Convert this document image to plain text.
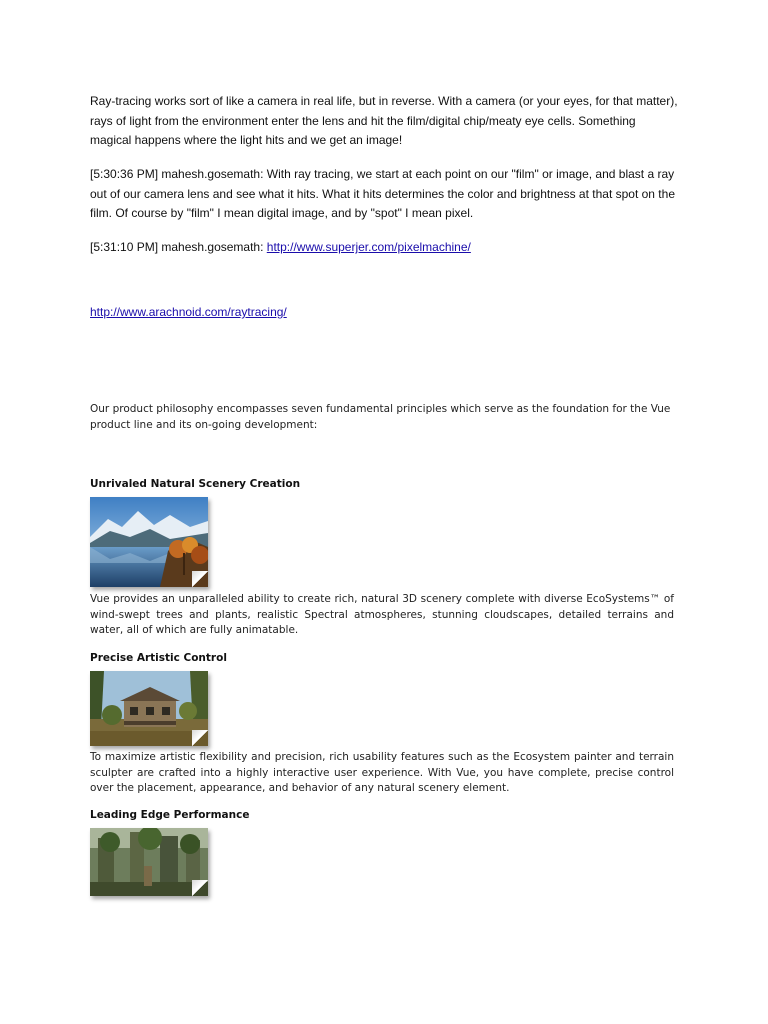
Ray-tracing works sort of like a camera in real life, but in reverse. With a camera (or your eyes, for that matter), rays of light from the environment enter the lens and hit the film/digital chip/meaty eye cells. Something magical happens where the light hits and we get an image!
[5:30:36 PM] mahesh.gosemath: With ray tracing, we start at each point on our "film" or image, and blast a ray out of our camera lens and see what it hits. What it hits determines the color and brightness at that spot on the film. Of course by "film" I mean digital image, and by "spot" I mean pixel.
[5:31:10 PM] mahesh.gosemath: http://www.superjer.com/pixelmachine/
http://www.arachnoid.com/raytracing/
Our product philosophy encompasses seven fundamental principles which serve as the foundation for the Vue product line and its on-going development:
Unrivaled Natural Scenery Creation
Vue provides an unparalleled ability to create rich, natural 3D scenery complete with diverse EcoSystems™ of wind-swept trees and plants, realistic Spectral atmospheres, stunning cloudscapes, detailed terrains and water, all of which are fully animatable.
Precise Artistic Control
To maximize artistic flexibility and precision, rich usability features such as the Ecosystem painter and terrain sculpter are crafted into a highly interactive user experience. With Vue, you have complete, precise control over the placement, appearance, and behavior of any natural scenery element.
Leading Edge Performance
